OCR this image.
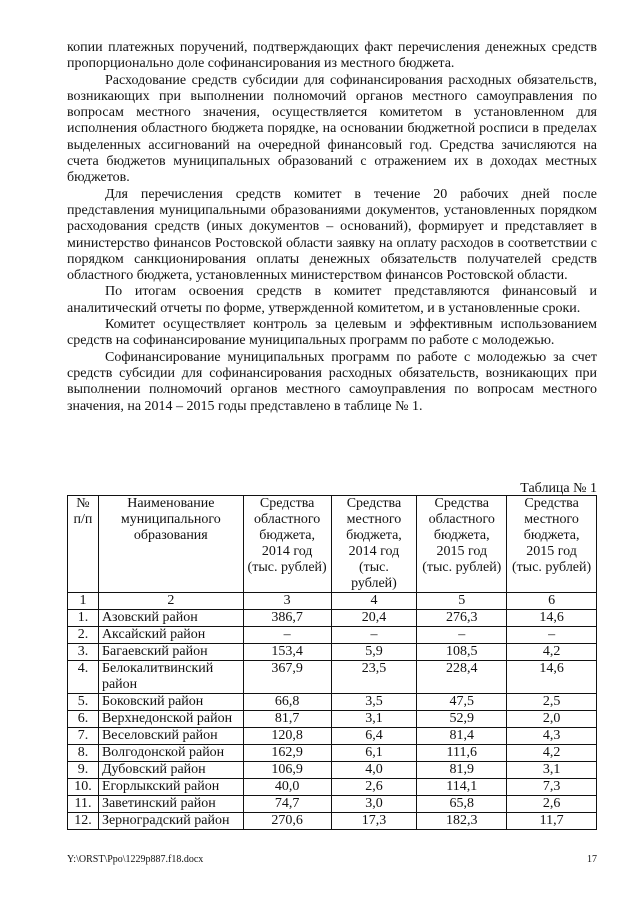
копии платежных поручений, подтверждающих факт перечисления денежных средств пропорционально доле софинансирования из местного бюджета.

Расходование средств субсидии для софинансирования расходных обязательств, возникающих при выполнении полномочий органов местного самоуправления по вопросам местного значения, осуществляется комитетом в установленном для исполнения областного бюджета порядке, на основании бюджетной росписи в пределах выделенных ассигнований на очередной финансовый год. Средства зачисляются на счета бюджетов муниципальных образований с отражением их в доходах местных бюджетов.

Для перечисления средств комитет в течение 20 рабочих дней после представления муниципальными образованиями документов, установленных порядком расходования средств (иных документов – оснований), формирует и представляет в министерство финансов Ростовской области заявку на оплату расходов в соответствии с порядком санкционирования оплаты денежных обязательств получателей средств областного бюджета, установленных министерством финансов Ростовской области.

По итогам освоения средств в комитет представляются финансовый и аналитический отчеты по форме, утвержденной комитетом, и в установленные сроки.

Комитет осуществляет контроль за целевым и эффективным использованием средств на софинансирование муниципальных программ по работе с молодежью.

Софинансирование муниципальных программ по работе с молодежью за счет средств субсидии для софинансирования расходных обязательств, возникающих при выполнении полномочий органов местного самоуправления по вопросам местного значения, на 2014 – 2015 годы представлено в таблице № 1.

Таблица № 1
№ п/п	Наименование муниципального образования	Средства областного бюджета, 2014 год (тыс. рублей)	Средства местного бюджета, 2014 год (тыс. рублей)	Средства областного бюджета, 2015 год (тыс. рублей)	Средства местного бюджета, 2015 год (тыс. рублей)
1	2	3	4	5	6
1.	Азовский район	386,7	20,4	276,3	14,6
2.	Аксайский район	–	–	–	–
3.	Багаевский район	153,4	5,9	108,5	4,2
4.	Белокалитвинский район	367,9	23,5	228,4	14,6
5.	Боковский район	66,8	3,5	47,5	2,5
6.	Верхнедонской район	81,7	3,1	52,9	2,0
7.	Веселовский район	120,8	6,4	81,4	4,3
8.	Волгодонской район	162,9	6,1	111,6	4,2
9.	Дубовский район	106,9	4,0	81,9	3,1
10.	Егорлыкский район	40,0	2,6	114,1	7,3
11.	Заветинский район	74,7	3,0	65,8	2,6
12.	Зерноградский район	270,6	17,3	182,3	11,7
Y:\ORST\Ppo\1229p887.f18.docx	17
